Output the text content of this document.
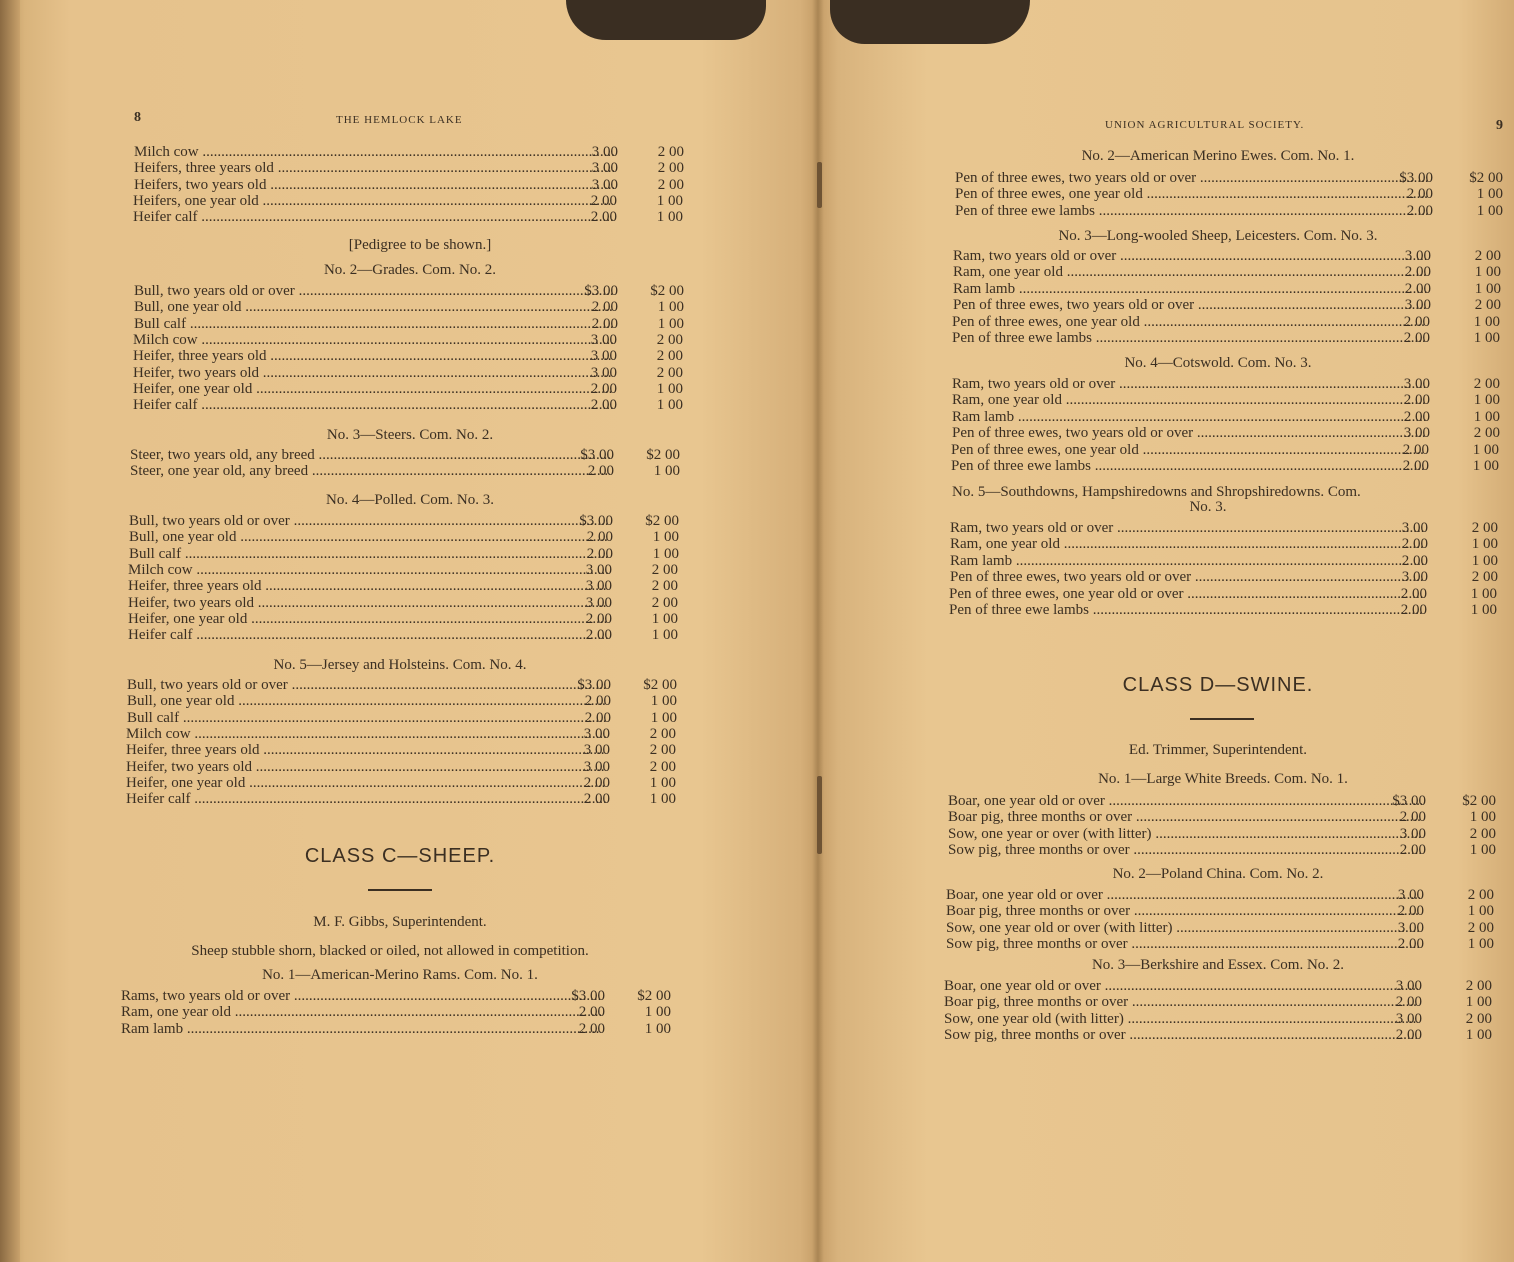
8	THE HEMLOCK LAKE
Milch cow .....	3 00	2 00
Heifers, three years old .....	3 00	2 00
Heifers, two years old .....	3 00	2 00
Heifers, one year old .....	2 00	1 00
Heifer calf .....	2 00	1 00
[Pedigree to be shown.]
No. 2—Grades. Com. No. 2.
Bull, two years old or over .....	$3 00	$2 00
Bull, one year old .....	2 00	1 00
Bull calf .....	2 00	1 00
Milch cow .....	3 00	2 00
Heifer, three years old .....	3 00	2 00
Heifer, two years old .....	3 00	2 00
Heifer, one year old .....	2 00	1 00
Heifer calf .....	2 00	1 00
No. 3—Steers. Com. No. 2.
Steer, two years old, any breed .....	$3 00	$2 00
Steer, one year old, any breed .....	2 00	1 00
No. 4—Polled. Com. No. 3.
Bull, two years old or over .....	$3 00	$2 00
Bull, one year old .....	2 00	1 00
Bull calf .....	2 00	1 00
Milch cow .....	3 00	2 00
Heifer, three years old .....	3 00	2 00
Heifer, two years old .....	3 00	2 00
Heifer, one year old .....	2 00	1 00
Heifer calf .....	2 00	1 00
No. 5—Jersey and Holsteins. Com. No. 4.
Bull, two years old or over .....	$3 00	$2 00
Bull, one year old .....	2 00	1 00
Bull calf .....	2 00	1 00
Milch cow .....	3 00	2 00
Heifer, three years old .....	3 00	2 00
Heifer, two years old .....	3 00	2 00
Heifer, one year old .....	2 00	1 00
Heifer calf .....	2 00	1 00
CLASS C—SHEEP.
M. F. Gibbs, Superintendent.
Sheep stubble shorn, blacked or oiled, not allowed in competition.
No. 1—American-Merino Rams. Com. No. 1.
Rams, two years old or over .....	$3 00	$2 00
Ram, one year old .....	2 00	1 00
Ram lamb .....	2 00	1 00
UNION AGRICULTURAL SOCIETY.	9
No. 2—American Merino Ewes. Com. No. 1.
Pen of three ewes, two years old or over .....	$3 00	$2 00
Pen of three ewes, one year old .....	2 00	1 00
Pen of three ewe lambs .....	2 00	1 00
No. 3—Long-wooled Sheep, Leicesters. Com. No. 3.
Ram, two years old or over .....	3 00	2 00
Ram, one year old .....	2 00	1 00
Ram lamb .....	2 00	1 00
Pen of three ewes, two years old or over .....	3 00	2 00
Pen of three ewes, one year old .....	2 00	1 00
Pen of three ewe lambs .....	2 00	1 00
No. 4—Cotswold. Com. No. 3.
Ram, two years old or over .....	3 00	2 00
Ram, one year old .....	2 00	1 00
Ram lamb .....	2 00	1 00
Pen of three ewes, two years old or over .....	3 00	2 00
Pen of three ewes, one year old .....	2 00	1 00
Pen of three ewe lambs .....	2 00	1 00
No. 5—Southdowns, Hampshiredowns and Shropshiredowns. Com.
No. 3.
Ram, two years old or over .....	3 00	2 00
Ram, one year old .....	2 00	1 00
Ram lamb .....	2 00	1 00
Pen of three ewes, two years old or over .....	3 00	2 00
Pen of three ewes, one year old or over .....	2 00	1 00
Pen of three ewe lambs .....	2 00	1 00
CLASS D—SWINE.
Ed. Trimmer, Superintendent.
No. 1—Large White Breeds. Com. No. 1.
Boar, one year old or over .....	$3 00	$2 00
Boar pig, three months or over .....	2 00	1 00
Sow, one year or over (with litter) .....	3 00	2 00
Sow pig, three months or over .....	2 00	1 00
No. 2—Poland China. Com. No. 2.
Boar, one year old or over .....	3 00	2 00
Boar pig, three months or over .....	2 00	1 00
Sow, one year old or over (with litter) .....	3 00	2 00
Sow pig, three months or over .....	2 00	1 00
No. 3—Berkshire and Essex. Com. No. 2.
Boar, one year old or over .....	3 00	2 00
Boar pig, three months or over .....	2 00	1 00
Sow, one year old (with litter) .....	3 00	2 00
Sow pig, three months or over .....	2 00	1 00
